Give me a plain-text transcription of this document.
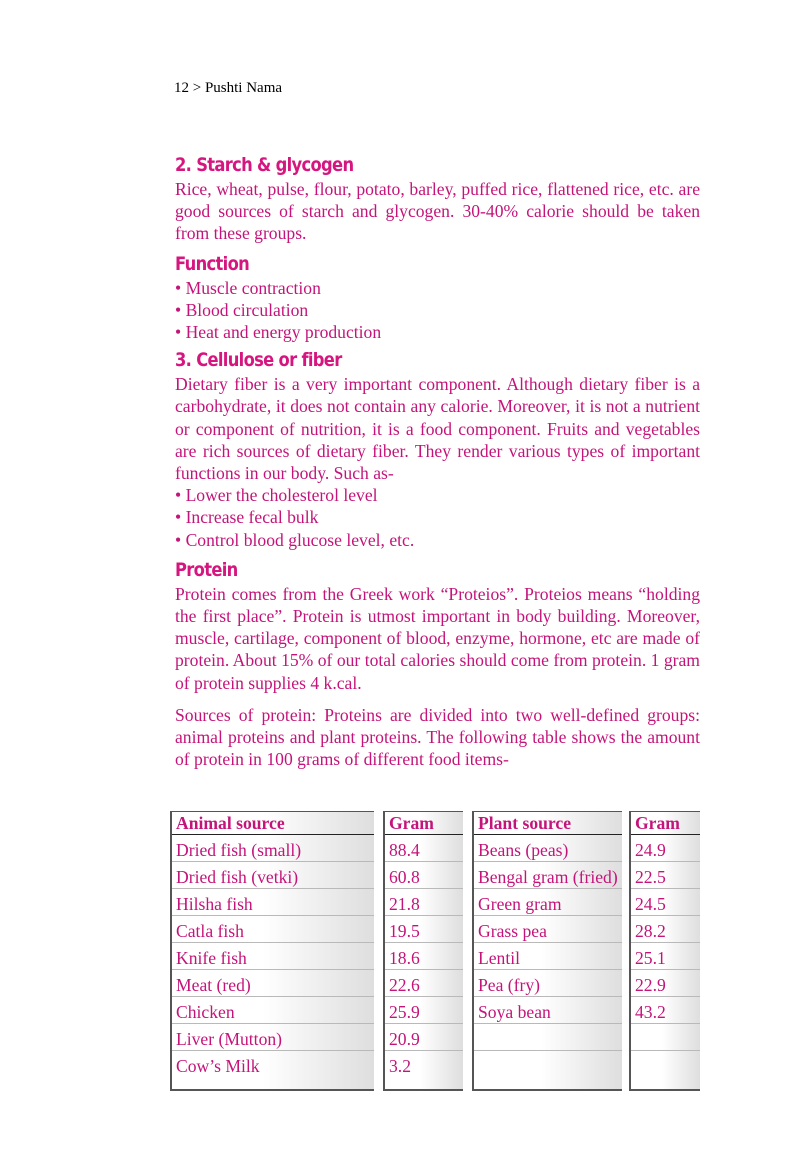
12 > Pushti Nama
2. Starch & glycogen

Rice, wheat, pulse, flour, potato, barley, puffed rice, flattened rice, etc. are good sources of starch and glycogen. 30-40% calorie should be taken from these groups.

Function
• Muscle contraction
• Blood circulation
• Heat and energy production
3. Cellulose or fiber

Dietary fiber is a very important component. Although dietary fiber is a carbohydrate, it does not contain any calorie. Moreover, it is not a nutrient or component of nutrition, it is a food component. Fruits and vegetables are rich sources of dietary fiber. They render various types of important functions in our body. Such as-

• Lower the cholesterol level
• Increase fecal bulk
• Control blood glucose level, etc.
Protein

Protein comes from the Greek work “Proteios”. Proteios means “holding the first place”. Protein is utmost important in body building. Moreover, muscle, cartilage, component of blood, enzyme, hormone, etc are made of protein. About 15% of our total calories should come from protein. 1 gram of protein supplies 4 k.cal.

Sources of protein: Proteins are divided into two well-defined groups: animal proteins and plant proteins. The following table shows the amount of protein in 100 grams of different food items-

Animal source
Dried fish (small)
Dried fish (vetki)
Hilsha fish
Catla fish
Knife fish
Meat (red)
Chicken
Liver (Mutton)
Cow’s Milk
Gram
88.4
60.8
21.8
19.5
18.6
22.6
25.9
20.9
3.2
Plant source
Beans (peas)
Bengal gram (fried)
Green gram
Grass pea
Lentil
Pea (fry)
Soya bean
Gram
24.9
22.5
24.5
28.2
25.1
22.9
43.2
